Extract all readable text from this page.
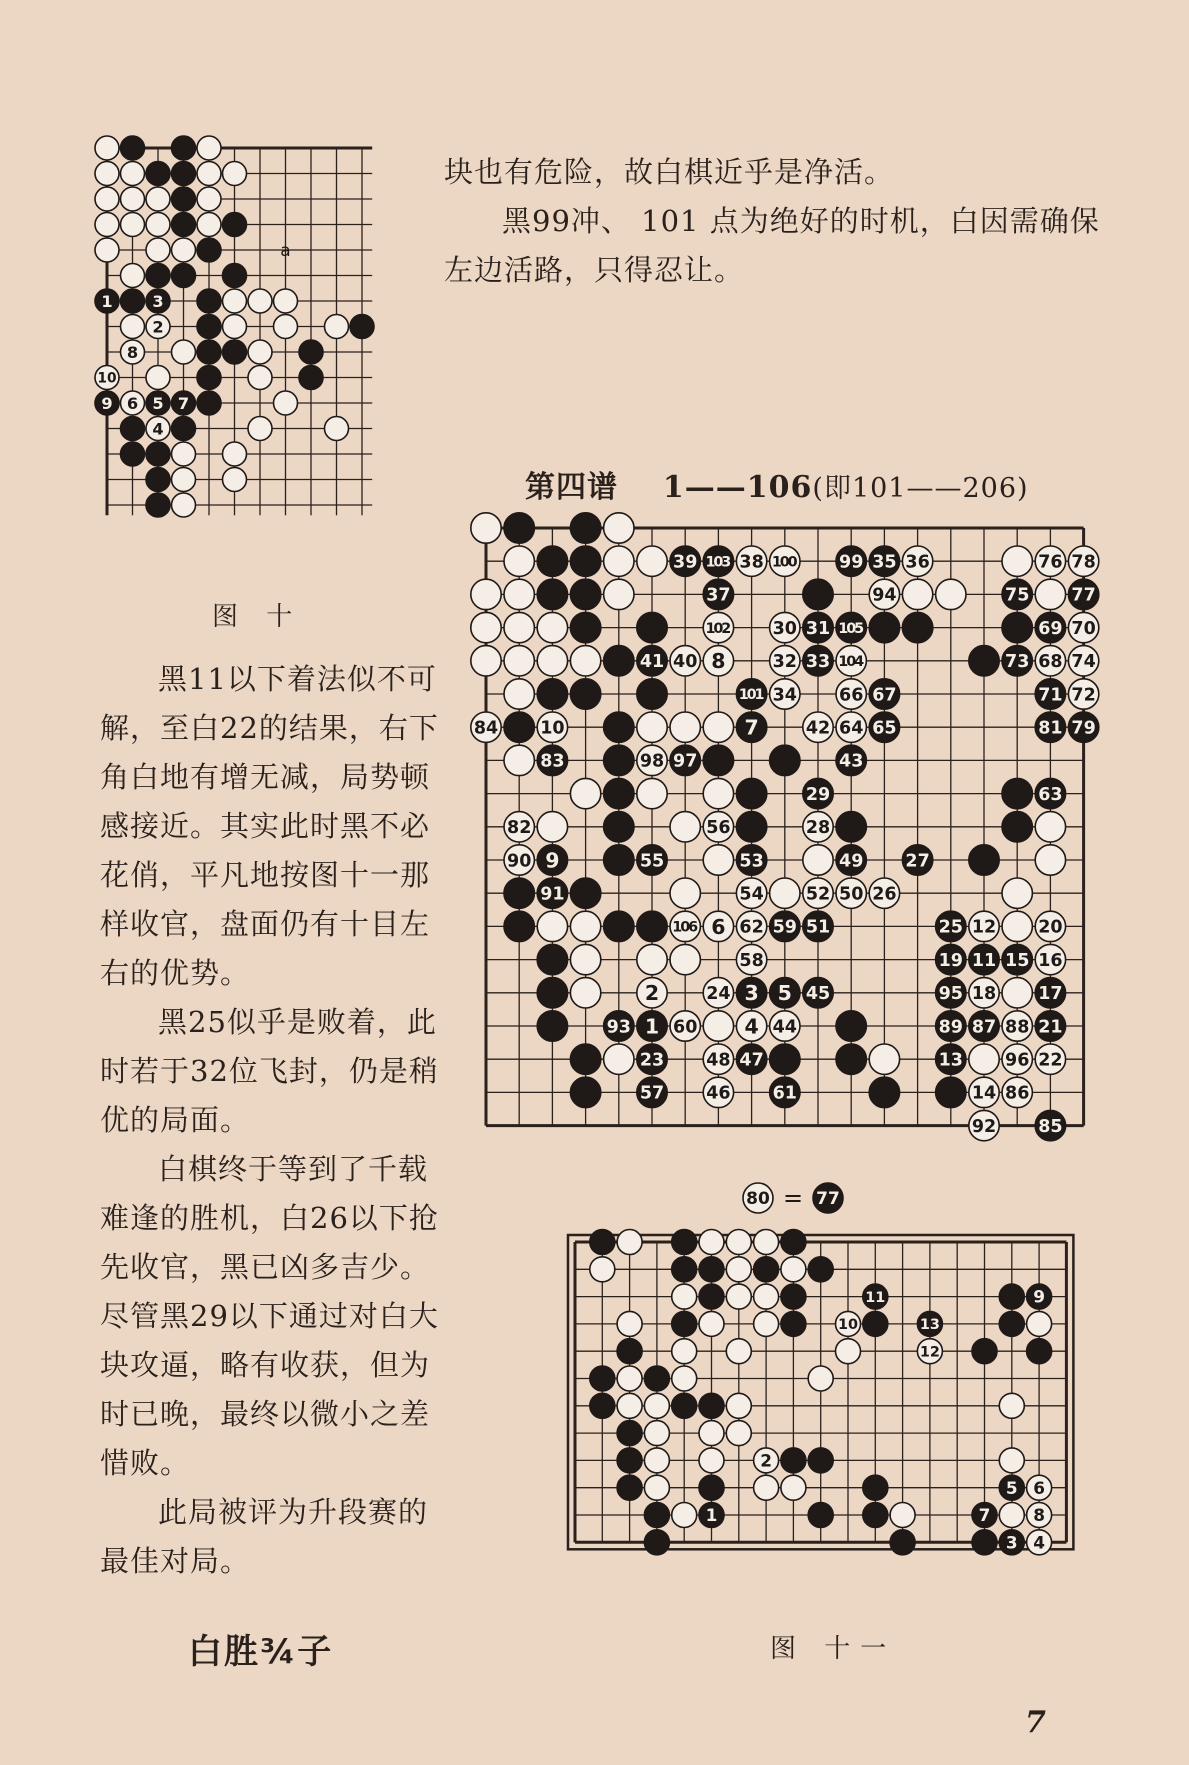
块也有危险，故白棋近乎是净活。

黑99冲、 101 点为绝好的时机，白因需确保左边活路，只得忍让。

1 3
2
8
10
9 6 5 7
4
a
图 十

黑11以下着法似不可解，至白22的结果，右下角白地有增无减，局势顿感接近。其实此时黑不必花俏，平凡地按图十一那样收官，盘面仍有十目左右的优势。

黑25似乎是败着，此时若于32位飞封，仍是稍优的局面。

白棋终于等到了千载难逢的胜机，白26以下抢先收官，黑已凶多吉少。尽管黑29以下通过对白大块攻逼，略有收获，但为时已晚，最终以微小之差惜败。

此局被评为升段赛的最佳对局。

白胜¾子
第四谱 1——106(即101——206)
39 103 38 100 99 35 36	76 78
37	94	75 77
102 30 31 105	69 70
41 40 8	32 33 104	73 68 74
101 34 66 67	71 72
84 10	7	42 64 65	81 79
83	98 97	43
29	63
82	56	28
90 9	55	53	49 27
91	54 52 50 26
106 6 62 59 51	25 12 20
58	19 11 15 16
2	24 3 5 45	95 18 17
93 1 60 4 44	89 87 88 21
23 48 47	13 96 22
57 46 61	14 86
92 85
80 = 77
11	9
10	13
12
2
5 6
1	7	8
3 4
图 十一
7
